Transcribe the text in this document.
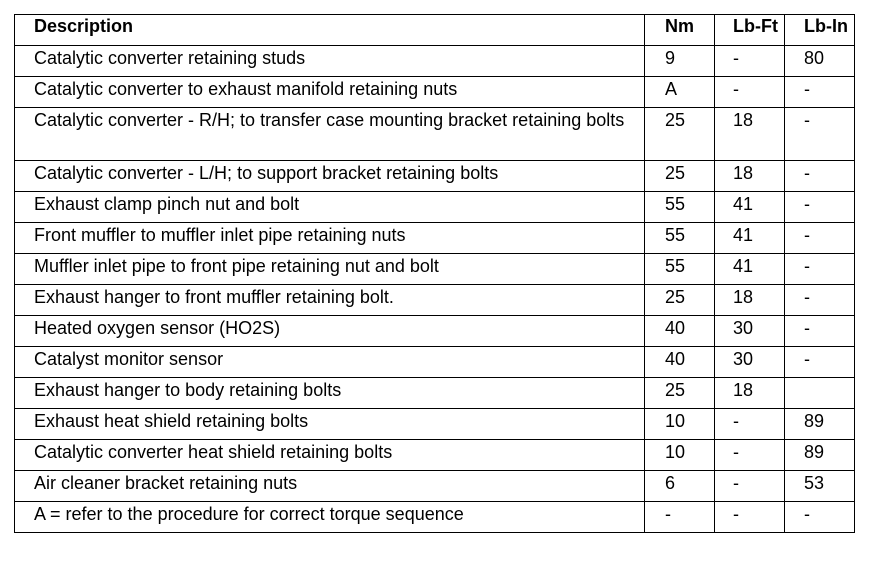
Description	Nm	Lb-Ft	Lb-In
Catalytic converter retaining studs	9	-	80
Catalytic converter to exhaust manifold retaining nuts	A	-	-
Catalytic converter - R/H; to transfer case mounting bracket retaining bolts	25	18	-
Catalytic converter - L/H; to support bracket retaining bolts	25	18	-
Exhaust clamp pinch nut and bolt	55	41	-
Front muffler to muffler inlet pipe retaining nuts	55	41	-
Muffler inlet pipe to front pipe retaining nut and bolt	55	41	-
Exhaust hanger to front muffler retaining bolt.	25	18	-
Heated oxygen sensor (HO2S)	40	30	-
Catalyst monitor sensor	40	30	-
Exhaust hanger to body retaining bolts	25	18	
Exhaust heat shield retaining bolts	10	-	89
Catalytic converter heat shield retaining bolts	10	-	89
Air cleaner bracket retaining nuts	6	-	53
A = refer to the procedure for correct torque sequence	-	-	-
